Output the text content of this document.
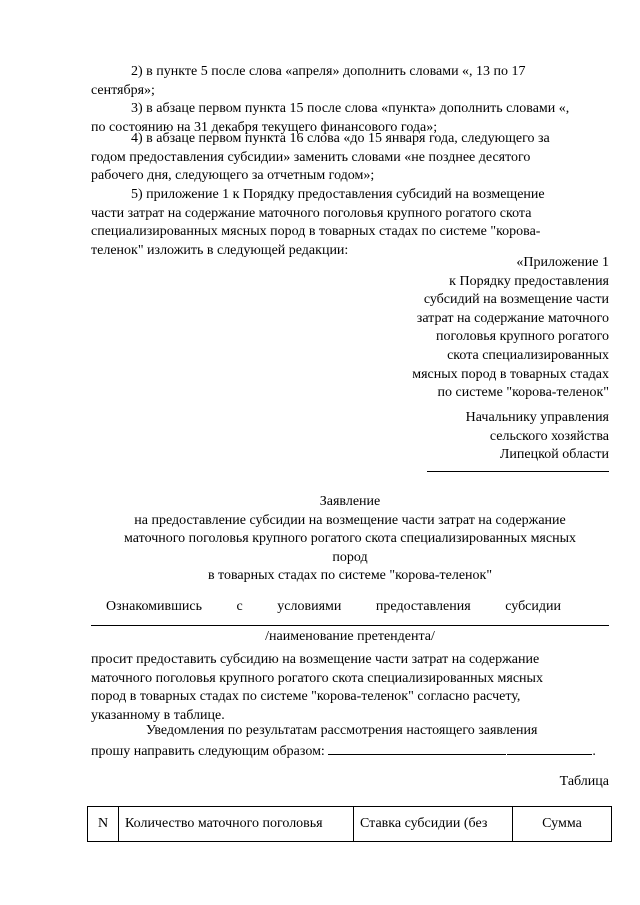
2) в пункте 5 после слова «апреля» дополнить словами «, 13 по 17
сентября»;

3) в абзаце первом пункта 15 после слова «пункта» дополнить словами «,
по состоянию на 31 декабря текущего финансового года»;

4) в абзаце первом пункта 16 слова «до 15 января года, следующего за
годом предоставления субсидии» заменить словами «не позднее десятого
рабочего дня, следующего за отчетным годом»;

5) приложение 1 к Порядку предоставления субсидий на возмещение
части затрат на содержание маточного поголовья крупного рогатого скота
специализированных мясных пород в товарных стадах по системе "корова-
теленок" изложить в следующей редакции:

«Приложение 1
к Порядку предоставления
субсидий на возмещение части
затрат на содержание маточного
поголовья крупного рогатого
скота специализированных
мясных пород в товарных стадах
по системе "корова-теленок"

Начальнику управления
сельского хозяйства
Липецкой области

Заявление
на предоставление субсидии на возмещение части затрат на содержание
маточного поголовья крупного рогатого скота специализированных мясных
пород
в товарных стадах по системе "корова-теленок"

Ознакомившись с условиями предоставления субсидии
/наименование претендента/

просит предоставить субсидию на возмещение части затрат на содержание
маточного поголовья крупного рогатого скота специализированных мясных
пород в товарных стадах по системе "корова-теленок" согласно расчету,
указанному в таблице.

Уведомления по результатам рассмотрения настоящего заявления
прошу направить следующим образом:	.

Таблица
N	Количество маточного поголовья	Ставка субсидии (без	Сумма
